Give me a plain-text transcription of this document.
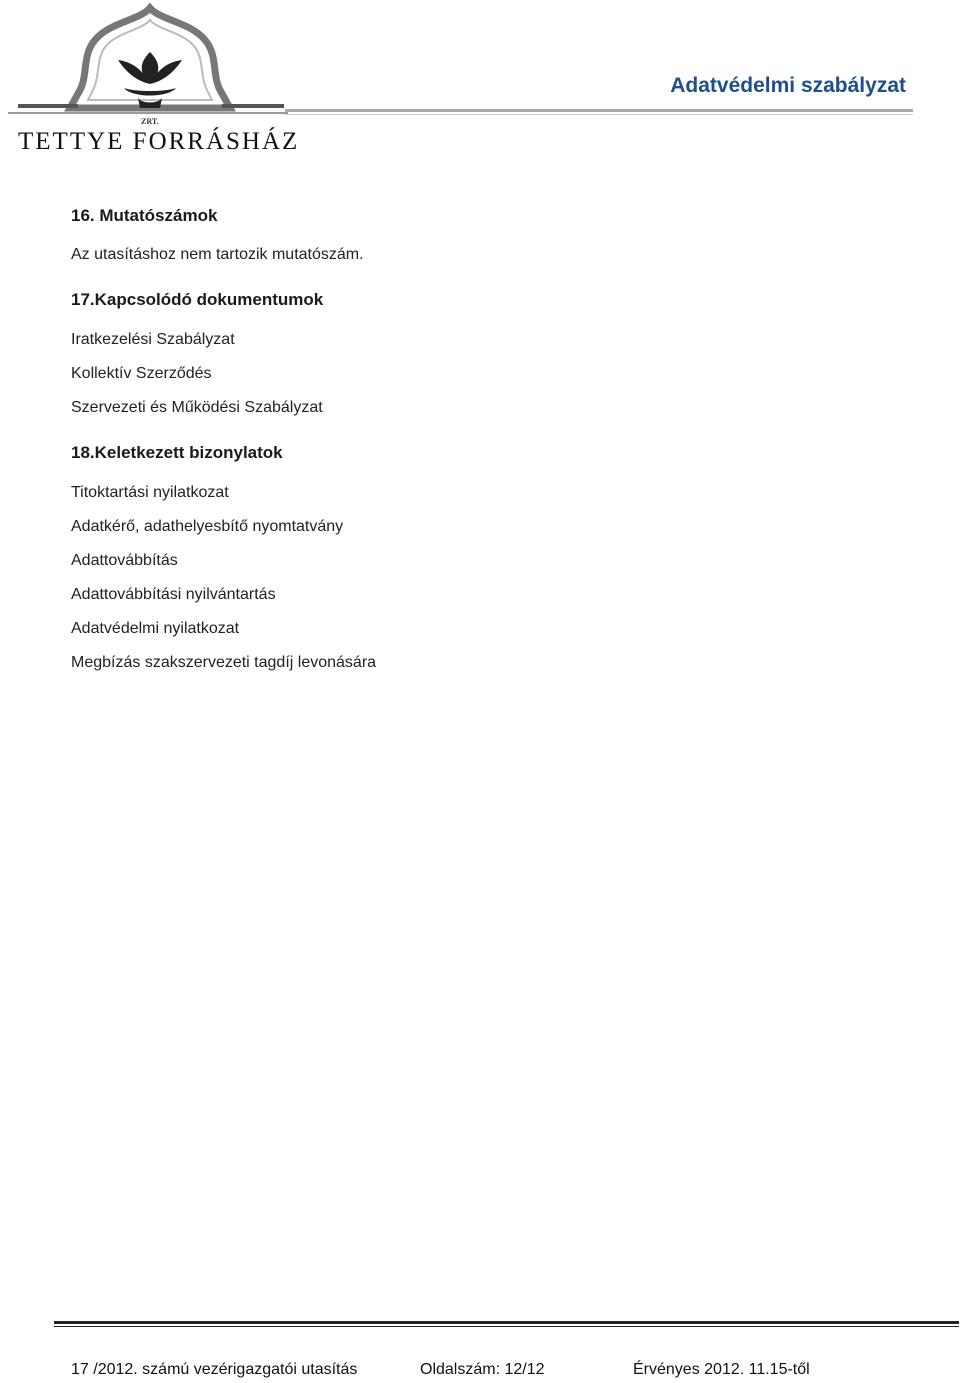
ZRT.
TETTYE FORRÁSHÁZ
Adatvédelmi szabályzat
16. Mutatószámok
Az utasításhoz nem tartozik mutatószám.
17.Kapcsolódó dokumentumok
Iratkezelési Szabályzat
Kollektív Szerződés
Szervezeti és Működési Szabályzat
18.Keletkezett bizonylatok
Titoktartási nyilatkozat
Adatkérő, adathelyesbítő nyomtatvány
Adattovábbítás
Adattovábbítási nyilvántartás
Adatvédelmi nyilatkozat
Megbízás szakszervezeti tagdíj levonására
17 /2012. számú vezérigazgatói utasítás	Oldalszám: 12/12	Érvényes 2012. 11.15-től
